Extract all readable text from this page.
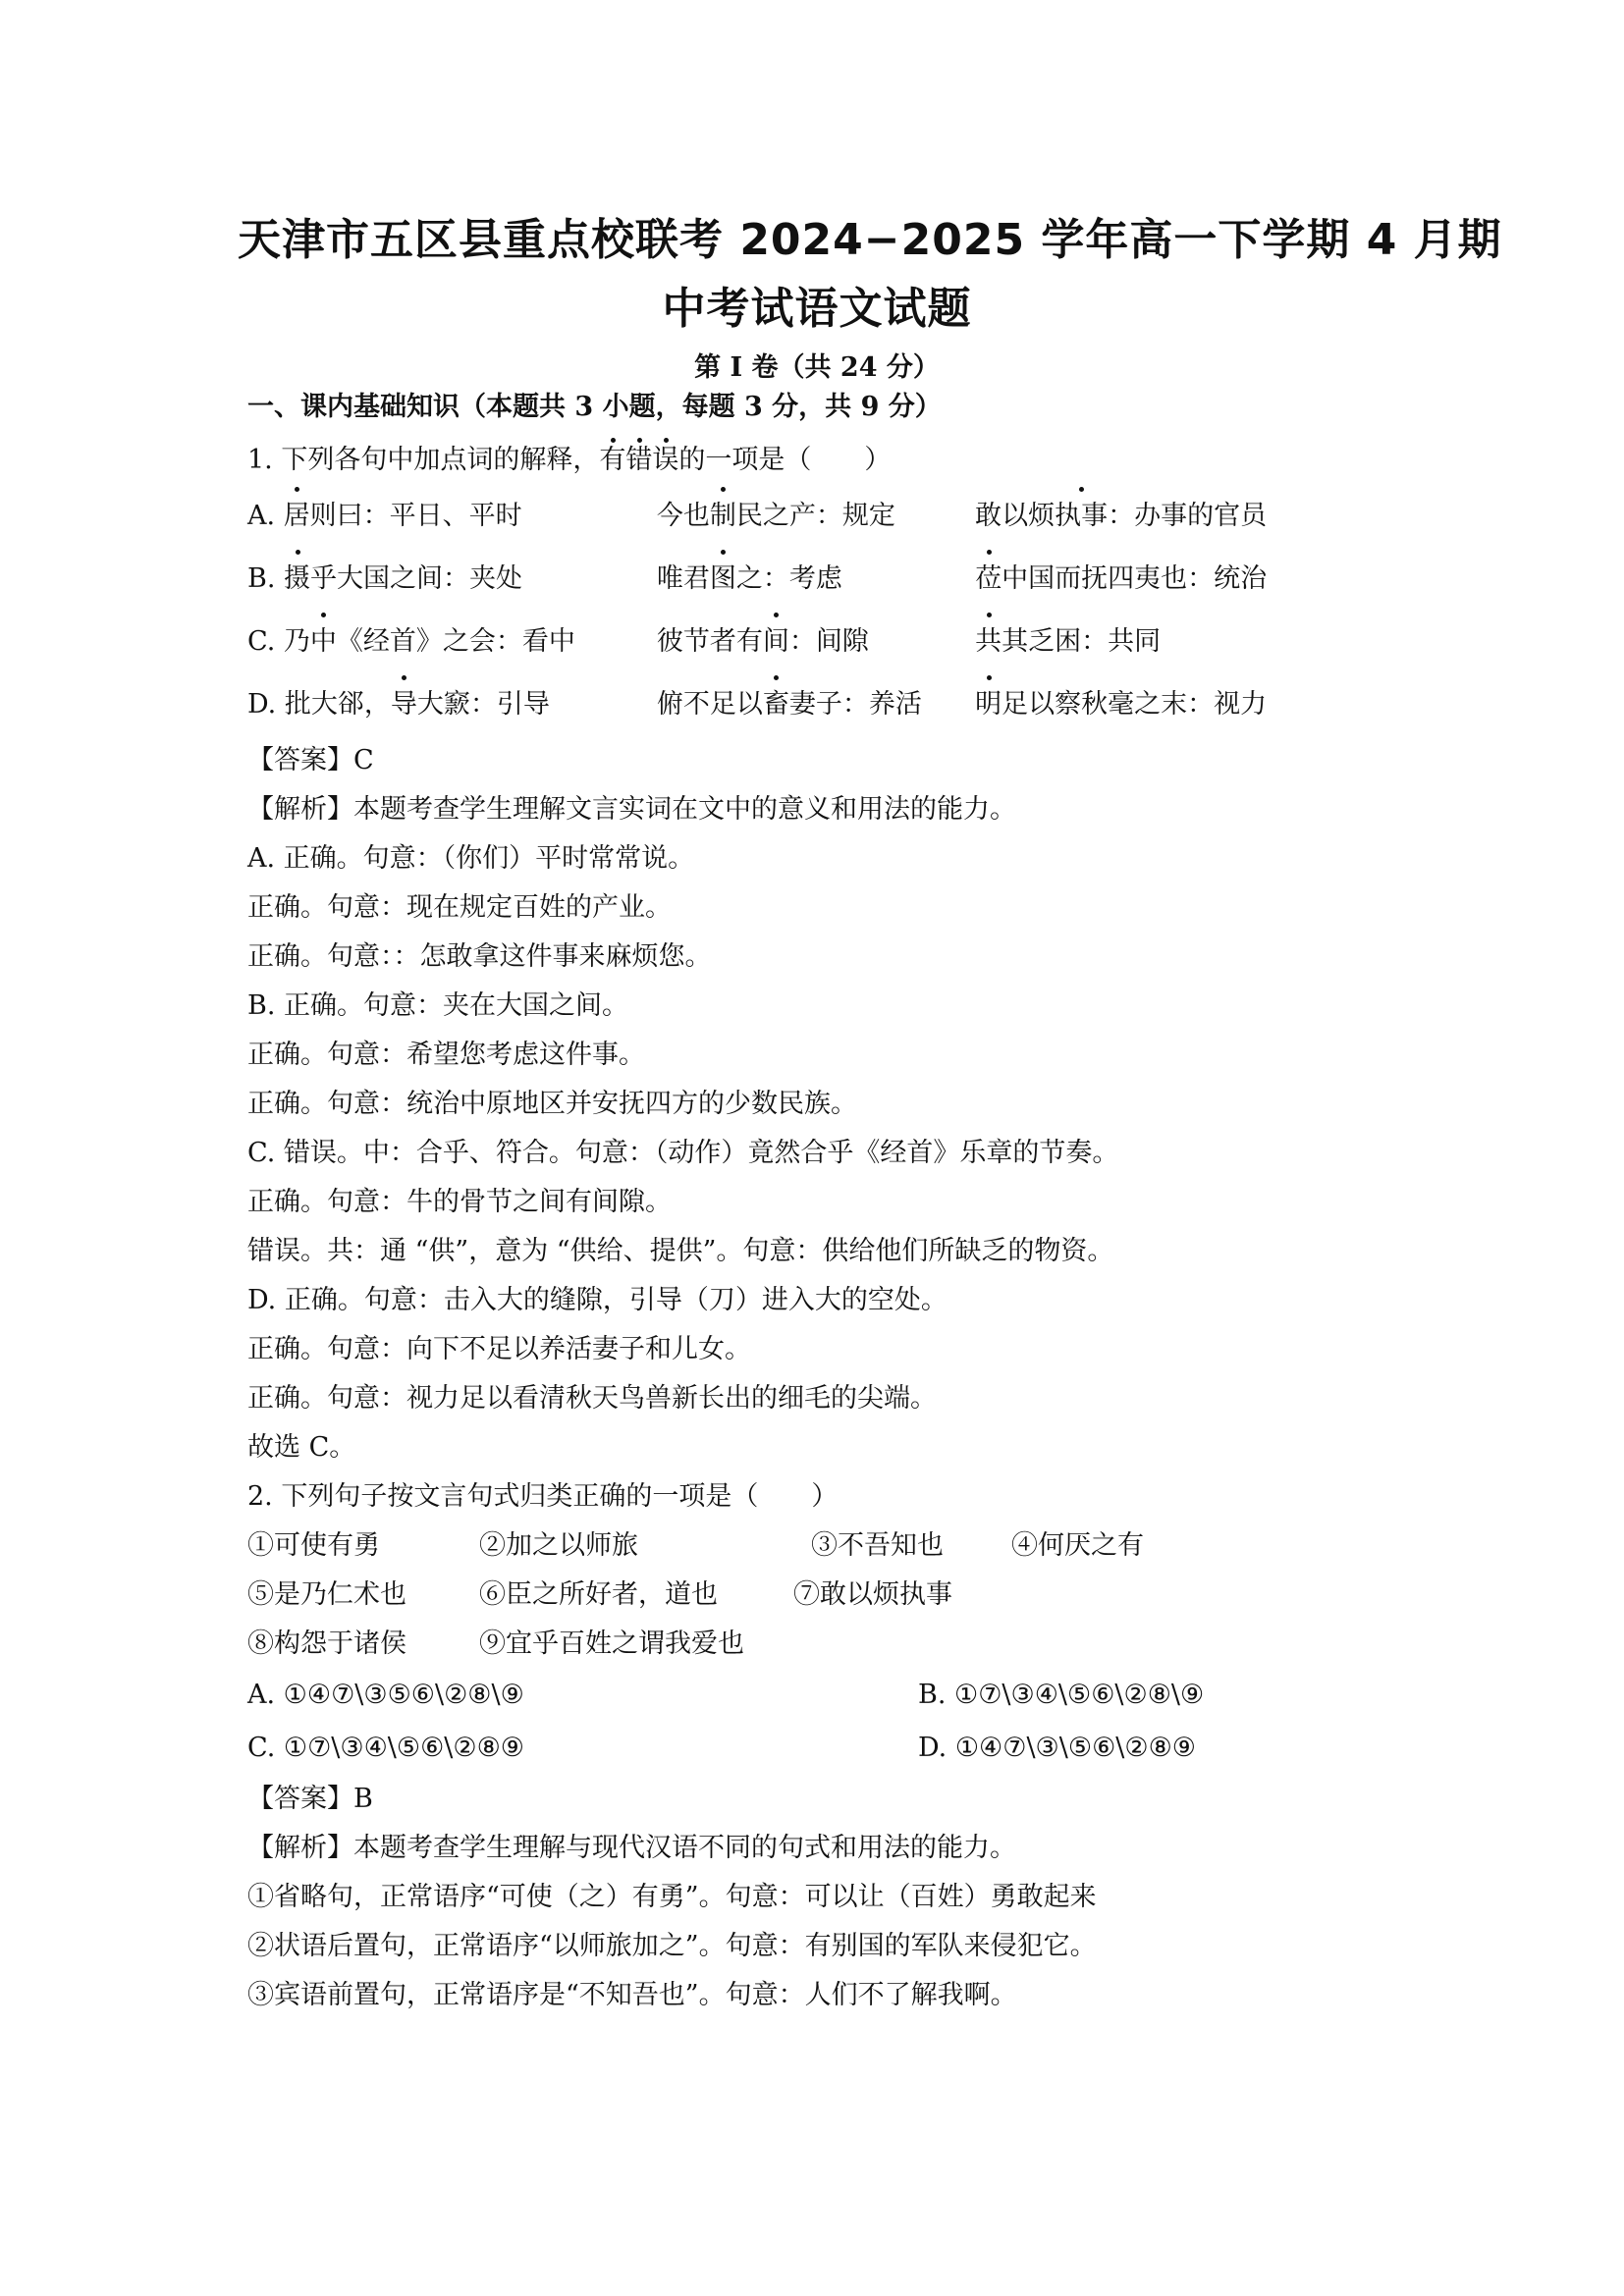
天津市五区县重点校联考 2024−2025 学年高一下学期 4 月期
中考试语文试题
第 I 卷（共 24 分）
一、课内基础知识（本题共 3 小题，每题 3 分，共 9 分）
1. 下列各句中加点词的解释，有错误的一项是（　　）
A. 居则曰：平日、平时	今也制民之产：规定	敢以烦执事：办事的官员
B. 摄乎大国之间：夹处	唯君图之：考虑	莅中国而抚四夷也：统治
C. 乃中《经首》之会：看中	彼节者有间：间隙	共其乏困：共同
D. 批大郤，导大窾：引导	俯不足以畜妻子：养活	明足以察秋毫之末：视力
【答案】C
【解析】本题考查学生理解文言实词在文中的意义和用法的能力。
A. 正确。句意：（你们）平时常常说。
正确。句意：现在规定百姓的产业。
正确。句意：：怎敢拿这件事来麻烦您。
B. 正确。句意：夹在大国之间。
正确。句意：希望您考虑这件事。
正确。句意：统治中原地区并安抚四方的少数民族。
C. 错误。中：合乎、符合。句意：（动作）竟然合乎《经首》乐章的节奏。
正确。句意：牛的骨节之间有间隙。
错误。共：通 “供”，意为 “供给、提供”。句意：供给他们所缺乏的物资。
D. 正确。句意：击入大的缝隙，引导（刀）进入大的空处。
正确。句意：向下不足以养活妻子和儿女。
正确。句意：视力足以看清秋天鸟兽新长出的细毛的尖端。
故选 C。
2. 下列句子按文言句式归类正确的一项是（　　）
①可使有勇	②加之以师旅	③不吾知也	④何厌之有
⑤是乃仁术也	⑥臣之所好者，道也	⑦敢以烦执事
⑧构怨于诸侯	⑨宜乎百姓之谓我爱也
A. ①④⑦\③⑤⑥\②⑧\⑨	B. ①⑦\③④\⑤⑥\②⑧\⑨
C. ①⑦\③④\⑤⑥\②⑧⑨	D. ①④⑦\③\⑤⑥\②⑧⑨
【答案】B
【解析】本题考查学生理解与现代汉语不同的句式和用法的能力。
①省略句，正常语序“可使（之）有勇”。句意：可以让（百姓）勇敢起来
②状语后置句，正常语序“以师旅加之”。句意：有别国的军队来侵犯它。
③宾语前置句，正常语序是“不知吾也”。句意：人们不了解我啊。
